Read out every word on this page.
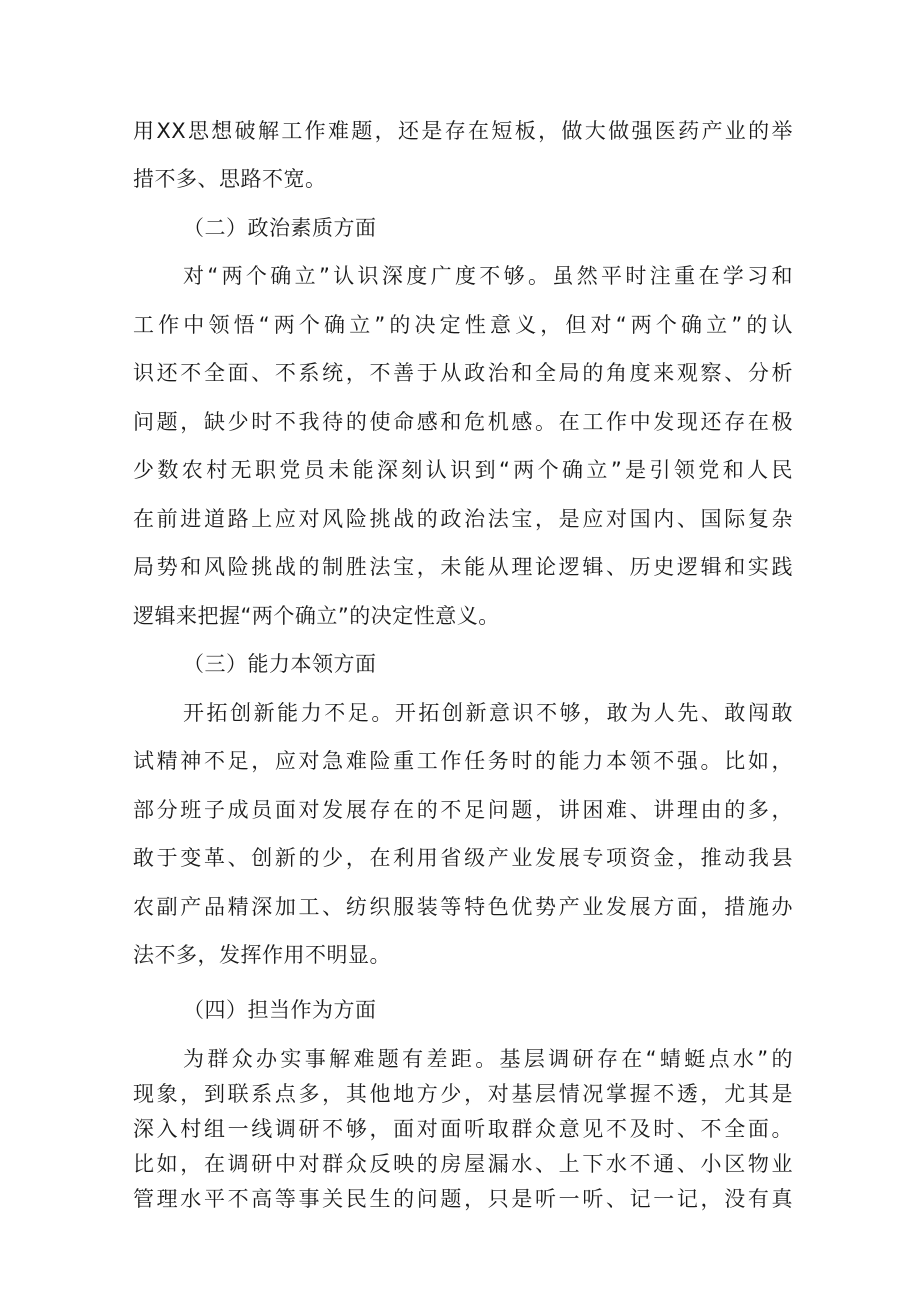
用XX思想破解工作难题，还是存在短板，做大做强医药产业的举
措不多、思路不宽。
（二）政治素质方面
对“两个确立”认识深度广度不够。虽然平时注重在学习和
工作中领悟“两个确立”的决定性意义，但对“两个确立”的认
识还不全面、不系统，不善于从政治和全局的角度来观察、分析
问题，缺少时不我待的使命感和危机感。在工作中发现还存在极
少数农村无职党员未能深刻认识到“两个确立”是引领党和人民
在前进道路上应对风险挑战的政治法宝，是应对国内、国际复杂
局势和风险挑战的制胜法宝，未能从理论逻辑、历史逻辑和实践
逻辑来把握“两个确立”的决定性意义。
（三）能力本领方面
开拓创新能力不足。开拓创新意识不够，敢为人先、敢闯敢
试精神不足，应对急难险重工作任务时的能力本领不强。比如，
部分班子成员面对发展存在的不足问题，讲困难、讲理由的多，
敢于变革、创新的少，在利用省级产业发展专项资金，推动我县
农副产品精深加工、纺织服装等特色优势产业发展方面，措施办
法不多，发挥作用不明显。
（四）担当作为方面
为群众办实事解难题有差距。基层调研存在“蜻蜓点水”的
现象，到联系点多，其他地方少，对基层情况掌握不透，尤其是
深入村组一线调研不够，面对面听取群众意见不及时、不全面。
比如，在调研中对群众反映的房屋漏水、上下水不通、小区物业
管理水平不高等事关民生的问题，只是听一听、记一记，没有真
